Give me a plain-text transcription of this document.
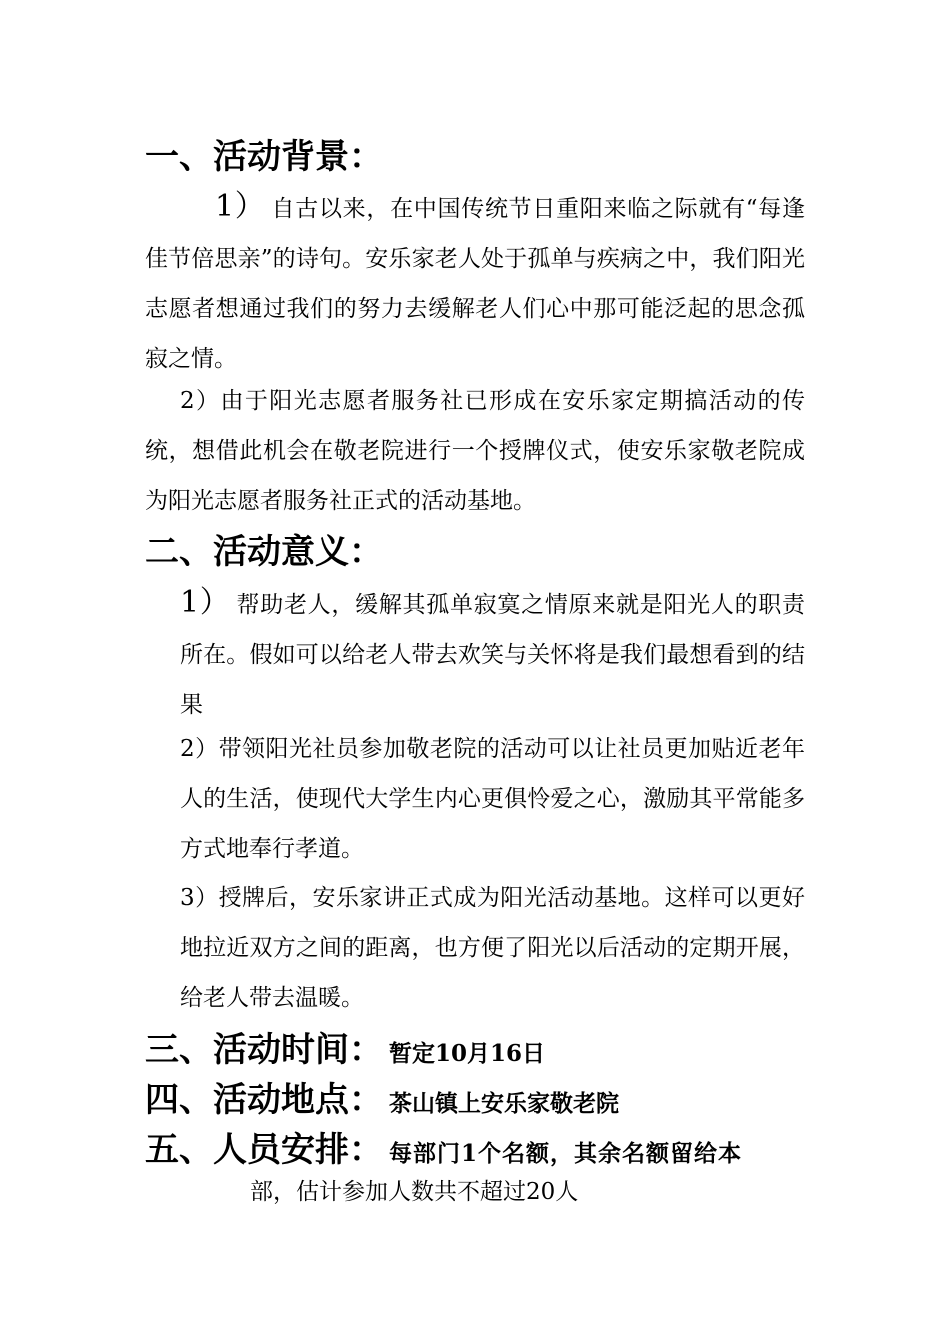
一、活动背景：

1） 自古以来，在中国传统节日重阳来临之际就有“每逢佳节倍思亲”的诗句。安乐家老人处于孤单与疾病之中，我们阳光志愿者想通过我们的努力去缓解老人们心中那可能泛起的思念孤寂之情。

2）由于阳光志愿者服务社已形成在安乐家定期搞活动的传统，想借此机会在敬老院进行一个授牌仪式，使安乐家敬老院成为阳光志愿者服务社正式的活动基地。

二、活动意义：

1） 帮助老人，缓解其孤单寂寞之情原来就是阳光人的职责所在。假如可以给老人带去欢笑与关怀将是我们最想看到的结果

2）带领阳光社员参加敬老院的活动可以让社员更加贴近老年人的生活，使现代大学生内心更俱怜爱之心，激励其平常能多方式地奉行孝道。

3）授牌后，安乐家讲正式成为阳光活动基地。这样可以更好地拉近双方之间的距离，也方便了阳光以后活动的定期开展，给老人带去温暖。

三、活动时间： 暂定10月16日
四、活动地点： 茶山镇上安乐家敬老院
五、人员安排： 每部门1个名额，其余名额留给本

部，估计参加人数共不超过20人
